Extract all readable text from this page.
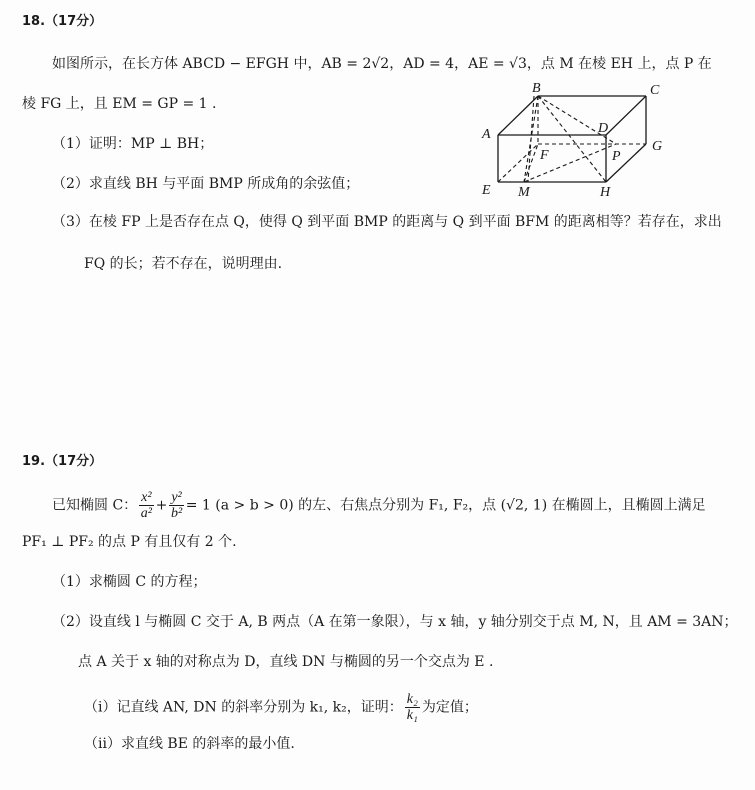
18.（17分）
如图所示，在长方体 ABCD − EFGH 中，AB = 2√2，AD = 4，AE = √3，点 M 在棱 EH 上，点 P 在
棱 FG 上，且 EM = GP = 1 .
（1）证明：MP ⊥ BH；
（2）求直线 BH 与平面 BMP 所成角的余弦值；
（3）在棱 FP 上是否存在点 Q，使得 Q 到平面 BMP 的距离与 Q 到平面 BFM 的距离相等？若存在，求出
FQ 的长；若不存在，说明理由.
A
B	C
D
E
F
G
H
M
P
19.（17分）
已知椭圆 C： $\frac{\text{x²}}{\text{a²}} + \frac{\text{y²}}{\text{b²}} = 1$ (a > b > 0) 的左、右焦点分别为 F₁, F₂，点 (√2, 1) 在椭圆上，且椭圆上满足
PF₁ ⊥ PF₂ 的点 P 有且仅有 2 个.
（1）求椭圆 C 的方程；
（2）设直线 l 与椭圆 C 交于 A, B 两点（A 在第一象限），与 x 轴，y 轴分别交于点 M, N，且 AM = 3AN；
点 A 关于 x 轴的对称点为 D，直线 DN 与椭圆的另一个交点为 E .
（i）记直线 AN, DN 的斜率分别为 k₁, k₂，证明： $\frac{\text{k₂}}{\text{k₁}}$ 为定值；
（ii）求直线 BE 的斜率的最小值.
